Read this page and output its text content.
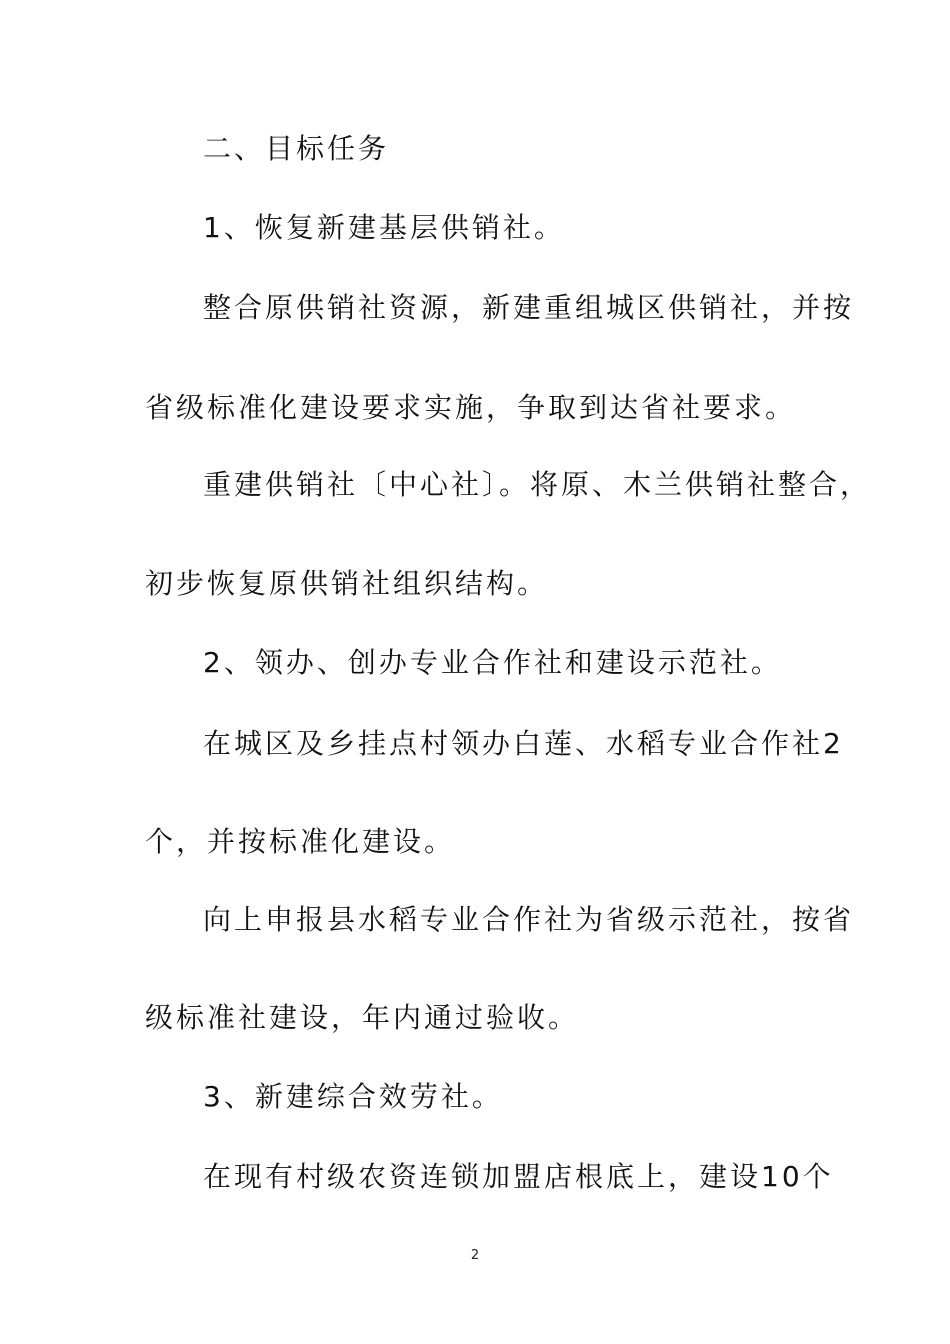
二、目标任务
1、恢复新建基层供销社。
整合原供销社资源，新建重组城区供销社，并按
省级标准化建设要求实施，争取到达省社要求。
重建供销社〔中心社〕。将原、木兰供销社整合，
初步恢复原供销社组织结构。
2、领办、创办专业合作社和建设示范社。
在城区及乡挂点村领办白莲、水稻专业合作社2
个，并按标准化建设。
向上申报县水稻专业合作社为省级示范社，按省
级标准社建设，年内通过验收。
3、新建综合效劳社。
在现有村级农资连锁加盟店根底上，建设10个
2
